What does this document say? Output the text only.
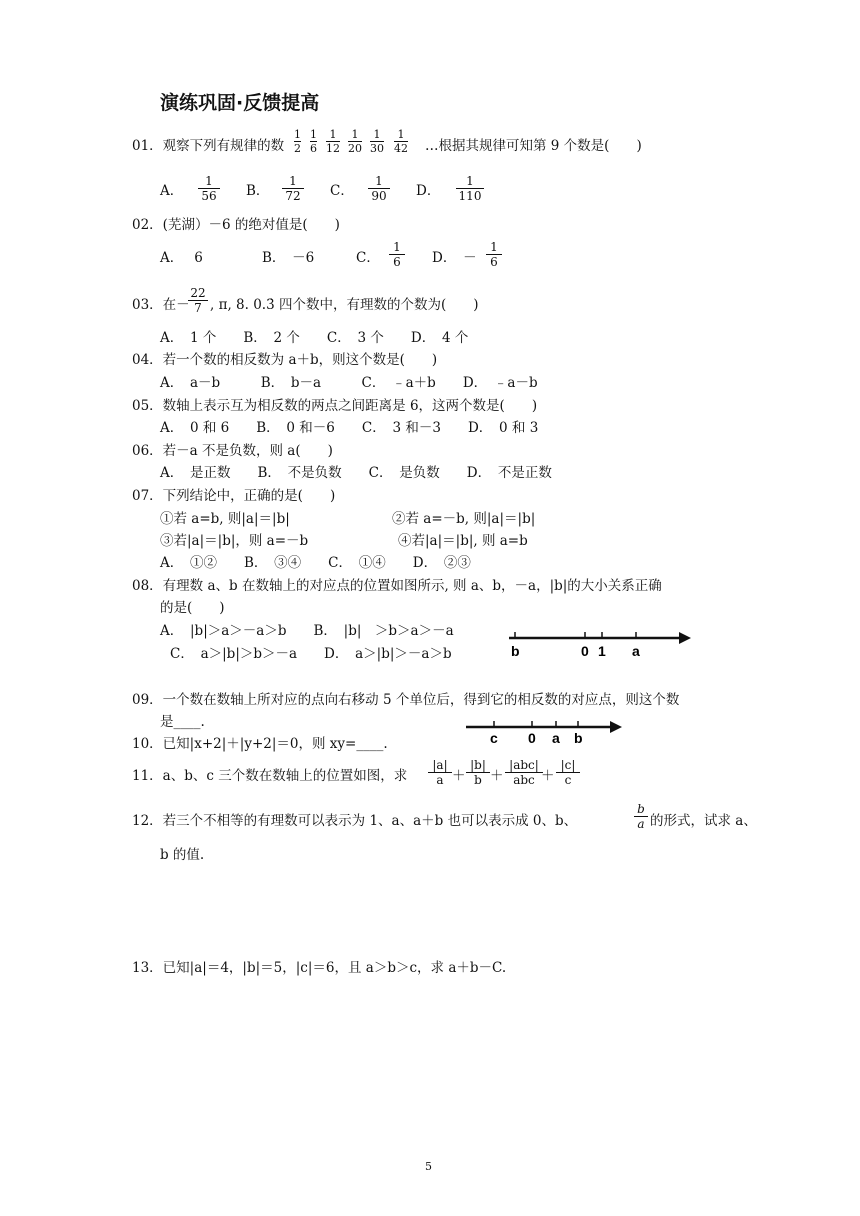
演练巩固·反馈提高
01．观察下列有规律的数 $\frac{1}{2} \frac{1}{6} \frac{1}{12} \frac{1}{20} \frac{1}{30} \frac{1}{42}$ …根据其规律可知第 9 个数是(　　)
A． $\frac{1}{56}$ B． $\frac{1}{72}$ C． $\frac{1}{90}$ D． $\frac{1}{110}$
02．(芜湖）－6 的绝对值是(　　)
A．　 6	B．　－6	C． $\frac{1}{6}$ D．　－ $\frac{1}{6}$
03．在－
$\frac{22}{7}$ , π, 8. 0.3̇ 四个数中，有理数的个数为(　　)
A．　1 个　　B．　2 个　　C．　3 个　　D．　4 个
04．若一个数的相反数为 a＋b，则这个数是(　　)
A．　a－b　　　B．　b－a　　　C．　﹣a＋b　　D．　﹣a－b
05．数轴上表示互为相反数的两点之间距离是 6，这两个数是(　　)
A．　0 和 6　　B．　0 和－6　　C．　3 和－3　　D．　0 和 3
06．若－a 不是负数，则 a(　　)
A．　是正数　　B．　不是负数　　C．　是负数　　D．　不是正数
07．下列结论中，正确的是(　　)
①若 a=b, 则|a|＝|b|	②若 a=－b, 则|a|＝|b|
③若|a|＝|b|，则 a=－b	④若|a|＝|b|, 则 a=b
A．　①②　　B．　③④　　C．　①④　　D．　②③
08．有理数 a、b 在数轴上的对应点的位置如图所示, 则 a、b，－a，|b|的大小关系正确
的是(　　)
A．　|b|＞a＞－a＞b　　B．　|b|　＞b＞a＞－a
C．　a＞|b|＞b＞－a　　D．　a＞|b|＞－a＞b	b	0 1 a
09．一个数在数轴上所对应的点向右移动 5 个单位后，得到它的相反数的对应点，则这个数
是____.
c 0 a b
10．已知|x+2|＋|y+2|＝0，则 xy=____.
11．a、b、c 三个数在数轴上的位置如图，求 $\frac{|a|}{a} + \frac{|b|}{b}$ ＋
|abc|
abc ＋ $\frac{|c|}{c}$
12．若三个不相等的有理数可以表示为 1、a、a＋b 也可以表示成 0、b、	$\frac{b}{a}$ 的形式，试求 a、
b 的值.
13．已知|a|＝4，|b|＝5，|c|＝6，且 a＞b＞c，求 a＋b－C.
5
